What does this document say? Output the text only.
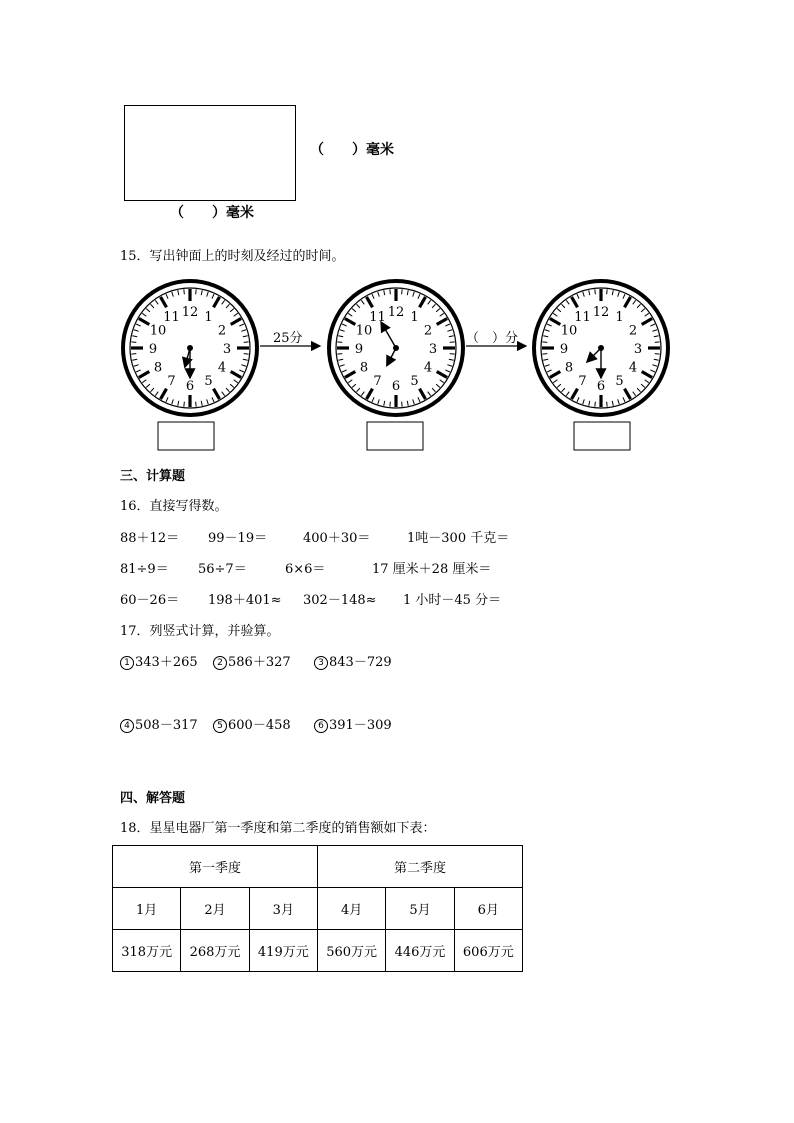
（　　）毫米
（　　）毫米
15．写出钟面上的时刻及经过的时间。
12 1
2
3
4
5
6
7
8
9
10
11	12 1
2
3
4
5
6
7
8
9
10
11	12 1
2
3
4
5
6
7
8
9
10
11
25分	（　）分
三、计算题
16．直接写得数。
88＋12＝ 99－19＝	400＋30＝	1吨－300 千克＝
81÷9＝ 56÷7＝	6×6＝	17 厘米＋28 厘米＝
60－26＝ 198＋401≈ 302－148≈ 1 小时－45 分＝
17．列竖式计算，并验算。
1 343＋265	2 586＋327	3 843－729
4 508－317	5 600－458	6 391－309
四、解答题
18．星星电器厂第一季度和第二季度的销售额如下表：
第一季度			第二季度		
1月	2月	3月	4月	5月	6月
318万元	268万元	419万元	560万元	446万元	606万元
